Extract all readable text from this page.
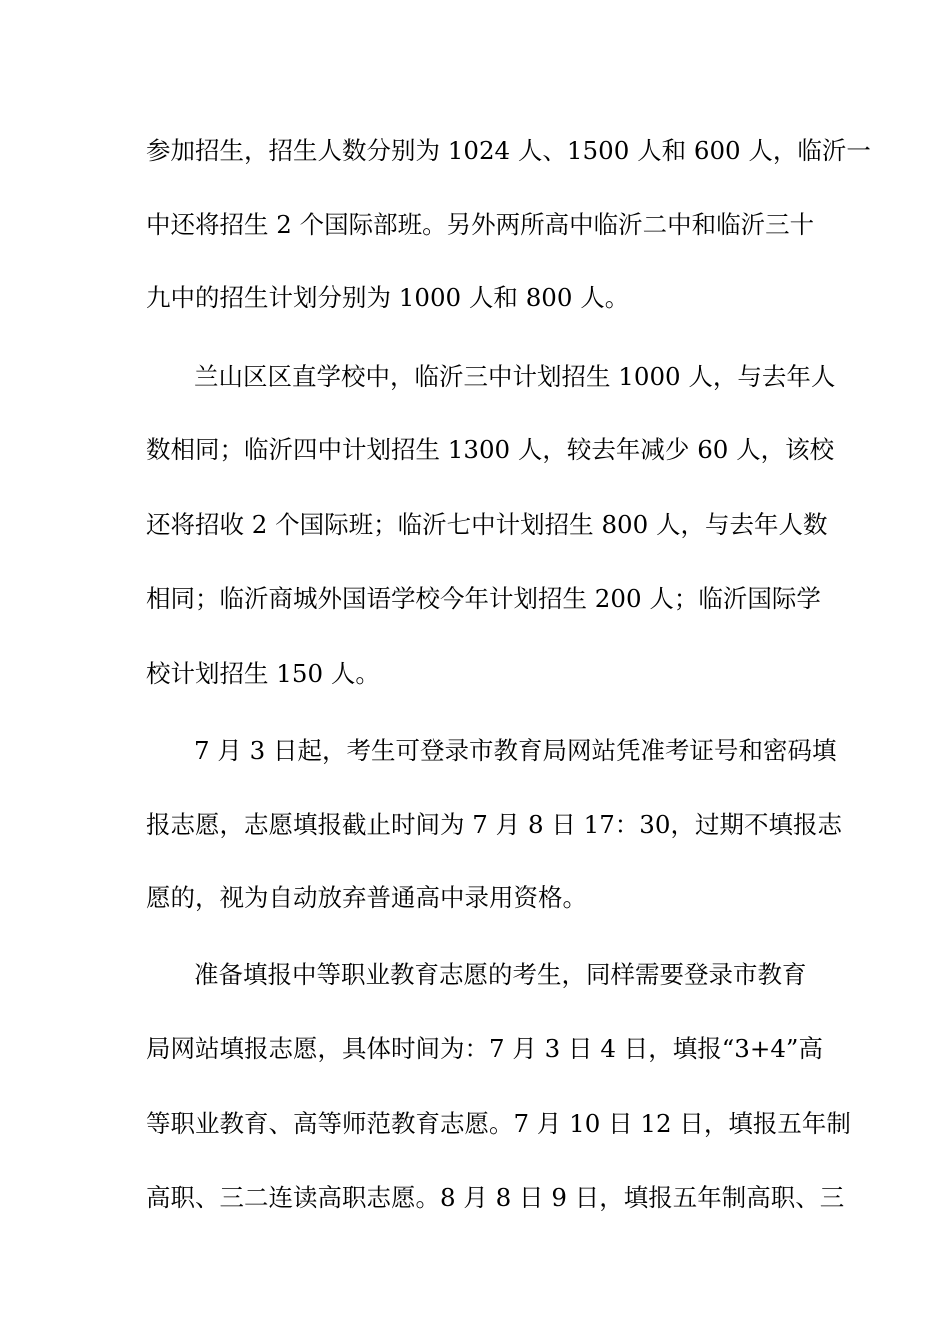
参加招生，招生人数分别为 1024 人、1500 人和 600 人，临沂一
中还将招生 2 个国际部班。另外两所高中临沂二中和临沂三十
九中的招生计划分别为 1000 人和 800 人。
兰山区区直学校中，临沂三中计划招生 1000 人，与去年人
数相同；临沂四中计划招生 1300 人，较去年减少 60 人，该校
还将招收 2 个国际班；临沂七中计划招生 800 人，与去年人数
相同；临沂商城外国语学校今年计划招生 200 人；临沂国际学
校计划招生 150 人。
7 月 3 日起，考生可登录市教育局网站凭准考证号和密码填
报志愿，志愿填报截止时间为 7 月 8 日 17：30，过期不填报志
愿的，视为自动放弃普通高中录用资格。
准备填报中等职业教育志愿的考生，同样需要登录市教育
局网站填报志愿，具体时间为：7 月 3 日 4 日，填报“3+4”高
等职业教育、高等师范教育志愿。7 月 10 日 12 日，填报五年制
高职、三二连读高职志愿。8 月 8 日 9 日，填报五年制高职、三
